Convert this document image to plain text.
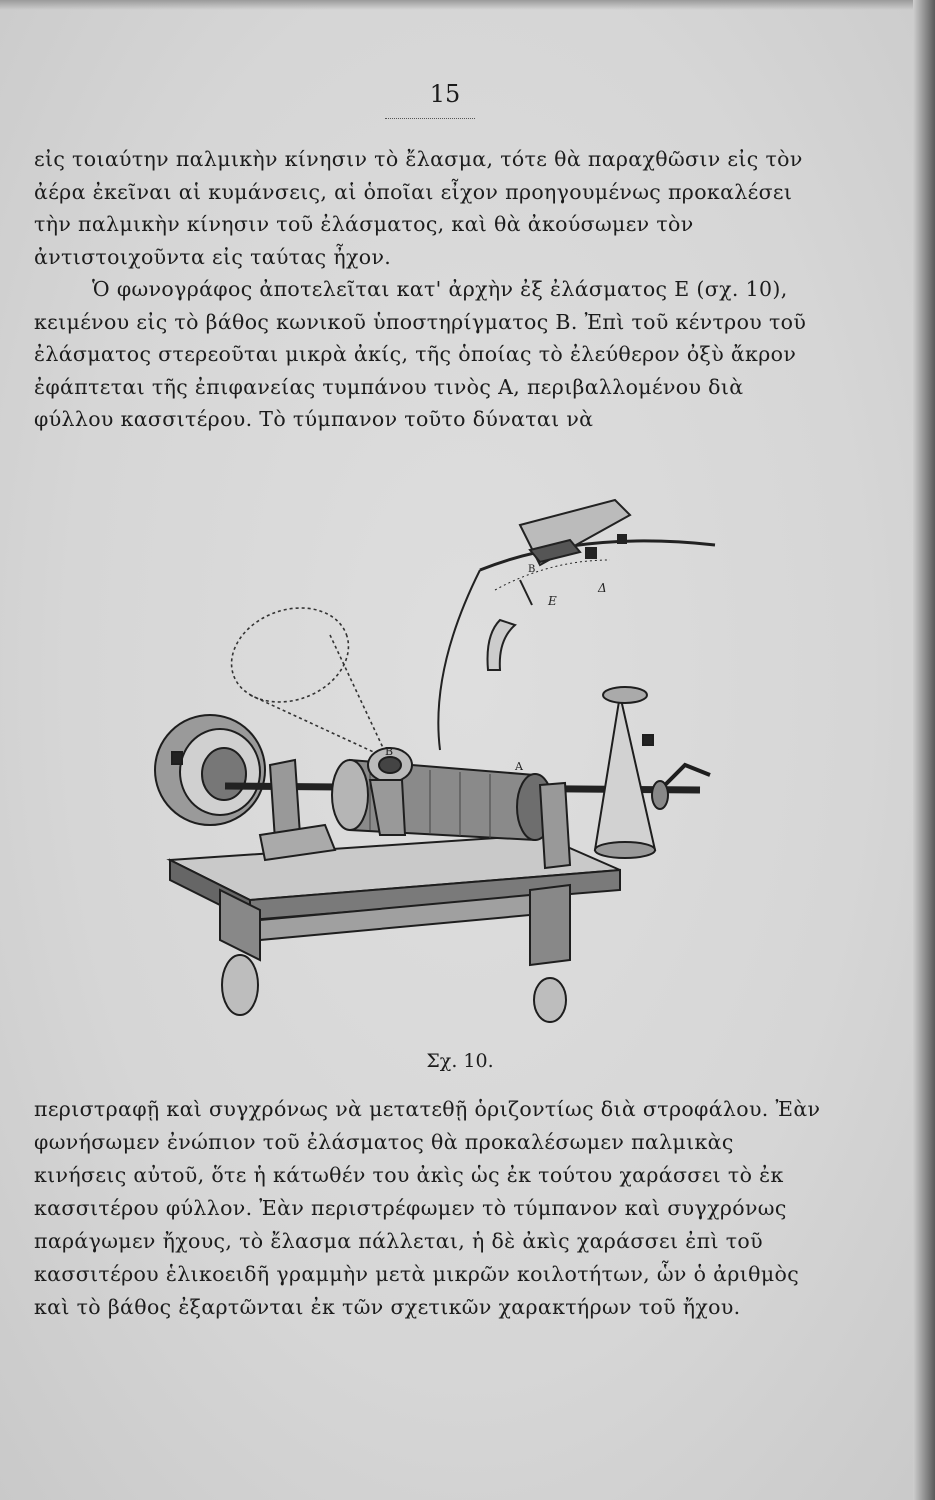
15

εἰς τοιαύτην παλμικὴν κίνησιν τὸ ἔλασμα, τότε θὰ παραχθῶσιν εἰς τὸν ἀέρα ἐκεῖναι αἱ κυμάνσεις, αἱ ὁποῖαι εἶχον προηγουμένως προκαλέσει τὴν παλμικὴν κίνησιν τοῦ ἐλάσματος, καὶ θὰ ἀκούσωμεν τὸν ἀντιστοιχοῦντα εἰς ταύτας ἦχον.

Ὁ φωνογράφος ἀποτελεῖται κατ' ἀρχὴν ἐξ ἐλάσματος Ε (σχ. 10), κειμένου εἰς τὸ βάθος κωνικοῦ ὑποστηρίγματος Β. Ἐπὶ τοῦ κέντρου τοῦ ἐλάσματος στερεοῦται μικρὰ ἀκίς, τῆς ὁποίας τὸ ἐλεύθερον ὀξὺ ἄκρον ἐφάπτεται τῆς ἐπιφανείας τυμπάνου τινὸς Α, περιβαλλομένου διὰ φύλλου κασσιτέρου. Τὸ τύμπανον τοῦτο δύναται νὰ

Β
Ε
Δ
Β
Α
Σχ. 10.

περιστραφῇ καὶ συγχρόνως νὰ μετατεθῇ ὁριζοντίως διὰ στροφάλου. Ἐὰν φωνήσωμεν ἐνώπιον τοῦ ἐλάσματος θὰ προκαλέσωμεν παλμικὰς κινήσεις αὐτοῦ, ὅτε ἡ κάτωθέν του ἀκὶς ὡς ἐκ τούτου χαράσσει τὸ ἐκ κασσιτέρου φύλλον. Ἐὰν περιστρέφωμεν τὸ τύμπανον καὶ συγχρόνως παράγωμεν ἤχους, τὸ ἔλασμα πάλλεται, ἡ δὲ ἀκὶς χαράσσει ἐπὶ τοῦ κασσιτέρου ἑλικοειδῆ γραμμὴν μετὰ μικρῶν κοιλοτήτων, ὧν ὁ ἀριθμὸς καὶ τὸ βάθος ἐξαρτῶνται ἐκ τῶν σχετικῶν χαρακτήρων τοῦ ἤχου.
